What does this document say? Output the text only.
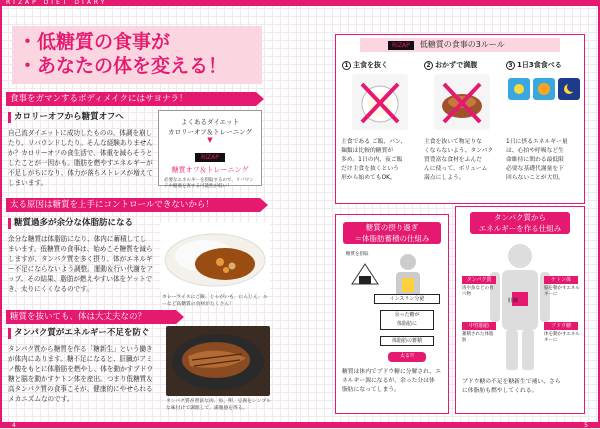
RIZAP DIET DIARY
4	5
・低糖質の食事が
・あなたの体を変える！
食事をガマンするボディメイクにはサヨナラ！
カロリーオフから糖質オフへ
自己流ダイエットに成功したものの、体調を崩し
たり、リバウンドしたり。そんな経験ありません
か？カロリーオフの食生活で、体重を減らそうと
したことが一因かも。脂肪を燃やすエネルギーが
不足しがちになり、体力が落ちストレスが増えて
しまいます。
よくあるダイエット
カロリーオフ＆トレーニング
▼
RIZAP
糖質オフ＆トレーニング
必要なエネルギーを摂取するので、リバウンドや健康を害する可能性が低い！
太る原因は糖質を上手にコントロールできないから！
糖質過多が余分な体脂肪になる
余分な糖質は体脂肪になり、体内に蓄積してし
まいます。低糖質の食事は、始めこそ糖質を減ら
しますが、タンパク質を多く摂り、体がエネルギ
ー不足にならないよう調整。運動＆行い代謝をア
ップ。その結果、脂肪が燃えやすい体をゲットで
き、太りにくくなるのです。
カレーライスにご飯、じゃがいも、にんじん、ルーなど高糖質の食材がたくさん！
糖質を抜いても、体は大丈夫なの？
タンパク質がエネルギー不足を防ぐ
タンパク質から糖質を作る「糖新生」という働き
が体内にあります。糖不足になると、肝臓がアミ
ノ酸をもとに体脂肪を燃やし、体を動かすブドウ
糖と脳を動かすケトン体を産出。つまり低糖質＆
高タンパク質の食事こそが、健康的にやせられる
メカニズムなのです。	タンパク質が豊富な肉、魚、卵、豆腐をシンプルな味付けで調理して、満腹感を得る。
RIZAP 低糖質の食事の3ルール
1 主食を抜く	2 おかずで満腹	3 1日3食食べる
主食である ご飯、パン、
麺類は比較的糖質が
多め。1日の内、夜ご飯
だけ主食を抜くという
形から始めてもOK。
主食を抜いて物足りな
くならないよう、タンパク
質豊富な食材をふんだ
んに使って、ボリューム
満点にしよう。
1日に摂るエネルギー量
は、心拍や呼吸など生
命維持に関わる最低限
必要な基礎代謝量を下
回らないことが大切。
糖質の摂り過ぎ
＝体脂肪蓄積の仕組み
糖質を摂取
インスリン分泌
余った糖が
体脂肪に
体脂肪の蓄積
太る!!
糖質は体内でブドウ糖に分解され、エ
ネルギー源になるが、余った分は体
脂肪になってしまう。
タンパク質から
エネルギーを作る仕組み
タンパク質
肉や魚などの食べ物
肝臓
中性脂肪
蓄積された体脂肪
ケトン体
脳を動かすエネルギーに
ブドウ糖
体を動かすエネルギーに
ブドウ糖の不足を糖新生で補い、さら
に体脂肪も燃やしてくれる。
